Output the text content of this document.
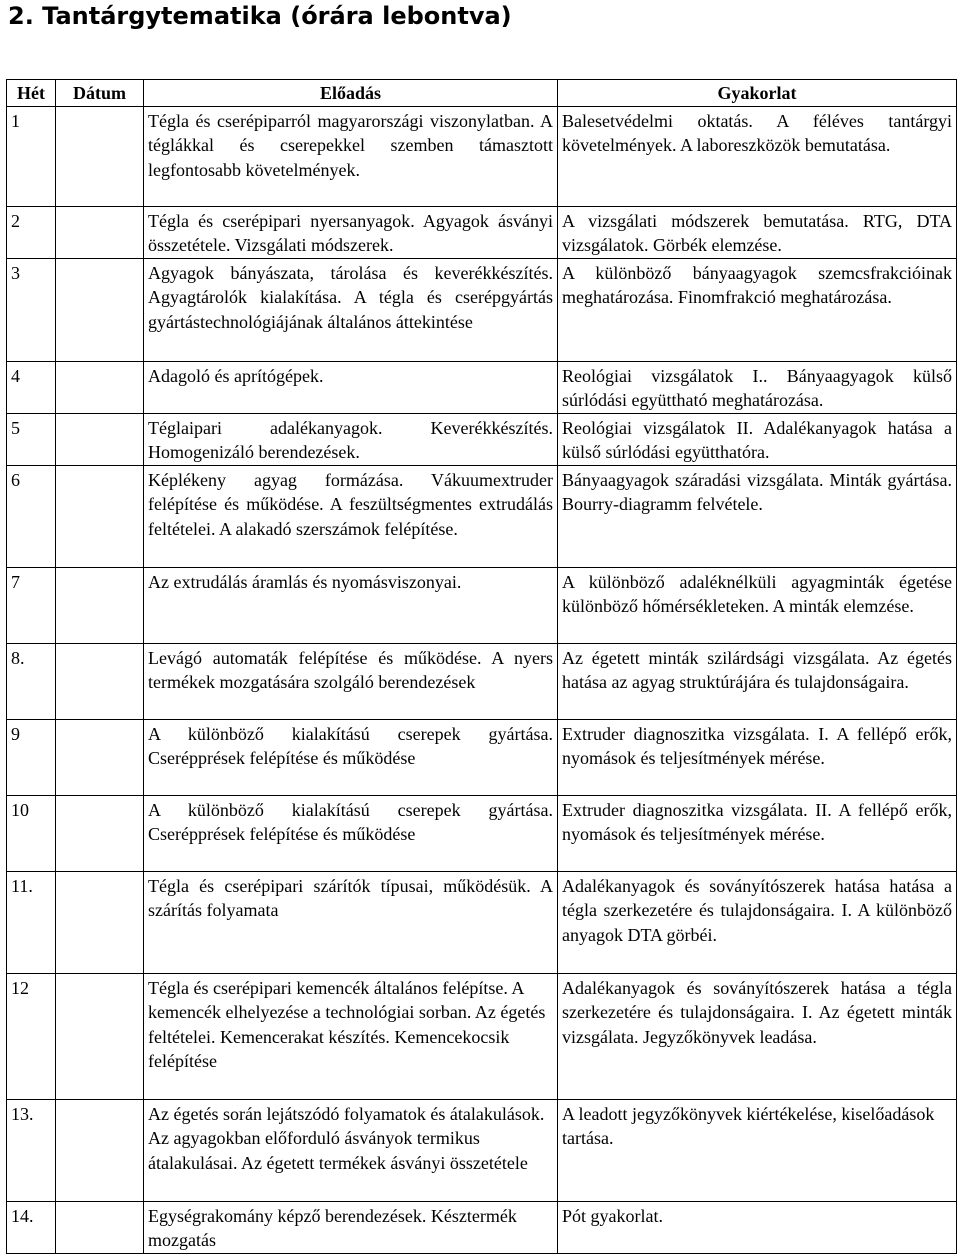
2. Tantárgytematika (órára lebontva)
Hét	Dátum	Előadás	Gyakorlat
1		Tégla és cserépiparról magyarországi viszonylatban. A téglákkal és cserepekkel szemben támasztott legfontosabb követelmények.	Balesetvédelmi oktatás. A féléves tantárgyi követelmények. A laboreszközök bemutatása.
2		Tégla és cserépipari nyersanyagok. Agyagok ásványi összetétele. Vizsgálati módszerek.	A vizsgálati módszerek bemutatása. RTG, DTA vizsgálatok. Görbék elemzése.
3		Agyagok bányászata, tárolása és keverékkészítés. Agyagtárolók kialakítása. A tégla és cserépgyártás gyártástechnológiájának általános áttekintése	A különböző bányaagyagok szemcsfrakcióinak meghatározása. Finomfrakció meghatározása.
4		Adagoló és aprítógépek.	Reológiai vizsgálatok I.. Bányaagyagok külső súrlódási együttható meghatározása.
5		Téglaipari adalékanyagok. Keverékkészítés. Homogenizáló berendezések.	Reológiai vizsgálatok II. Adalékanyagok hatása a külső súrlódási együtthatóra.
6		Képlékeny agyag formázása. Vákuumextruder felépítése és működése. A feszültségmentes extrudálás feltételei. A alakadó szerszámok felépítése.	Bányaagyagok száradási vizsgálata. Minták gyártása. Bourry-diagramm felvétele.
7		Az extrudálás áramlás és nyomásviszonyai.	A különböző adaléknélküli agyagminták égetése különböző hőmérsékleteken. A minták elemzése.
8.		Levágó automaták felépítése és működése. A nyers termékek mozgatására szolgáló berendezések	Az égetett minták szilárdsági vizsgálata. Az égetés hatása az agyag struktúrájára és tulajdonságaira.
9		A különböző kialakítású cserepek gyártása. Cserépprések felépítése és működése	Extruder diagnoszitka vizsgálata. I. A fellépő erők, nyomások és teljesítmények mérése.
10		A különböző kialakítású cserepek gyártása. Cserépprések felépítése és működése	Extruder diagnoszitka vizsgálata. II. A fellépő erők, nyomások és teljesítmények mérése.
11.		Tégla és cserépipari szárítók típusai, működésük. A szárítás folyamata	Adalékanyagok és soványítószerek hatása hatása a tégla szerkezetére és tulajdonságaira. I. A különböző anyagok DTA görbéi.
12		Tégla és cserépipari kemencék általános felépítse. A kemencék elhelyezése a technológiai sorban. Az égetés feltételei. Kemencerakat készítés. Kemencekocsik felépítése	Adalékanyagok és soványítószerek hatása a tégla szerkezetére és tulajdonságaira. I. Az égetett minták vizsgálata. Jegyzőkönyvek leadása.
13.		Az égetés során lejátszódó folyamatok és átalakulások. Az agyagokban előforduló ásványok termikus átalakulásai. Az égetett termékek ásványi összetétele	A leadott jegyzőkönyvek kiértékelése, kiselőadások tartása.
14.		Egységrakomány képző berendezések. Késztermék mozgatás	Pót gyakorlat.
